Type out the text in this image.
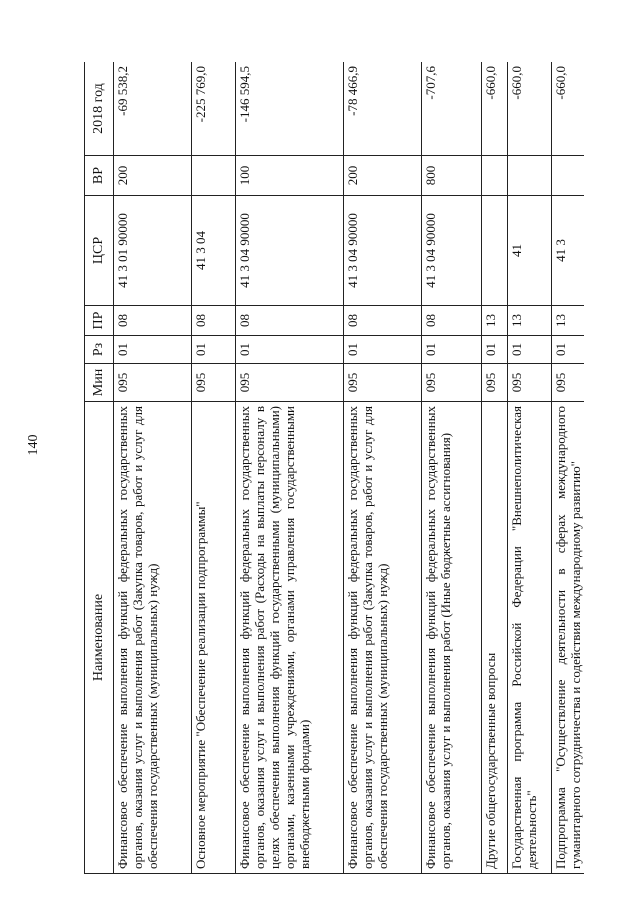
140
Наименование	Мин	Рз	ПР	ЦСР	ВР	2018 год
Финансовое обеспечение выполнения функций федеральных государственных органов, оказания услуг и выполнения работ (Закупка товаров, работ и услуг для обеспечения государственных (муниципальных) нужд)	095	01	08	41 3 01 90000	200	-69 538,2
Основное мероприятие "Обеспечение реализации подпрограммы"	095	01	08	41 3 04		-225 769,0
Финансовое обеспечение выполнения функций федеральных государственных органов, оказания услуг и выполнения работ (Расходы на выплаты персоналу в целях обеспечения выполнения функций государственными (муниципальными) органами, казенными учреждениями, органами управления государственными внебюджетными фондами)	095	01	08	41 3 04 90000	100	-146 594,5
Финансовое обеспечение выполнения функций федеральных государственных органов, оказания услуг и выполнения работ (Закупка товаров, работ и услуг для обеспечения государственных (муниципальных) нужд)	095	01	08	41 3 04 90000	200	-78 466,9
Финансовое обеспечение выполнения функций федеральных государственных органов, оказания услуг и выполнения работ (Иные бюджетные ассигнования)	095	01	08	41 3 04 90000	800	-707,6
Другие общегосударственные вопросы	095	01	13			-660,0
Государственная программа Российской Федерации "Внешнеполитическая деятельность"	095	01	13	41		-660,0
Подпрограмма "Осуществление деятельности в сферах международного гуманитарного сотрудничества и содействия международному развитию"	095	01	13	41 3		-660,0
